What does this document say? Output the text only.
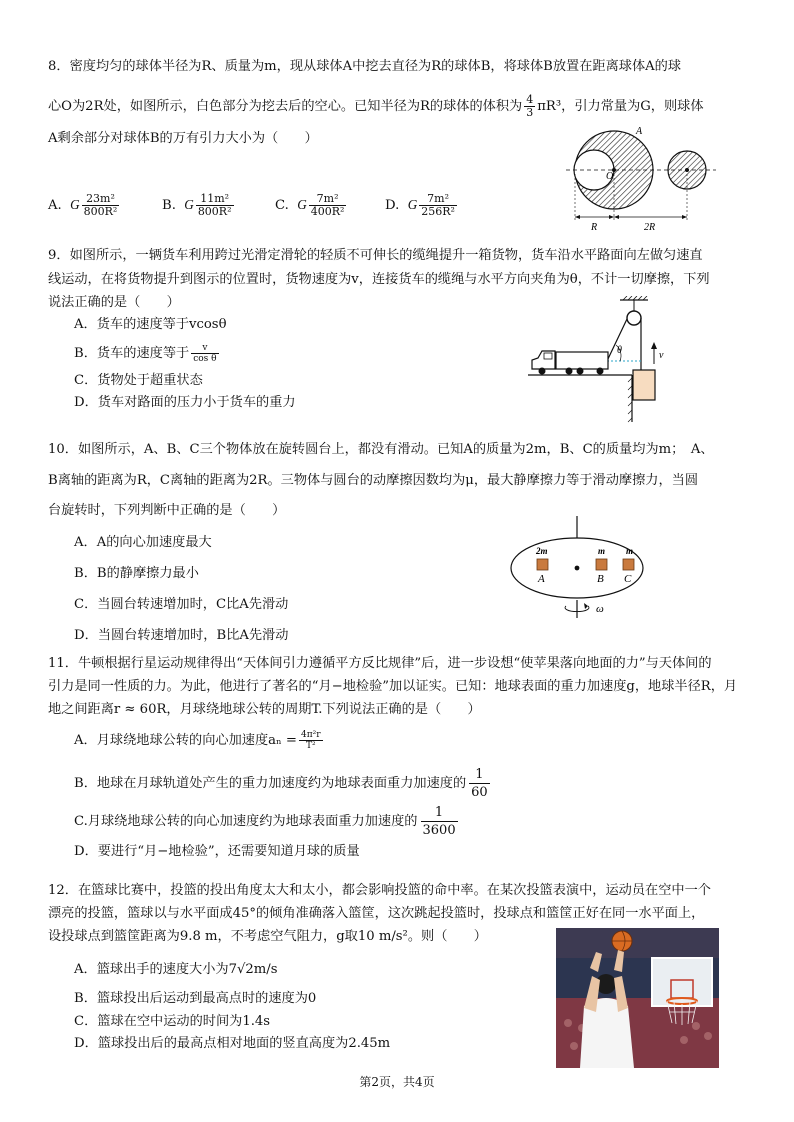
8．密度均匀的球体半径为R、质量为m，现从球体A中挖去直径为R的球体B，将球体B放置在距离球体A的球
心O为2R处，如图所示，白色部分为挖去后的空心。已知半径为R的球体的体积为 $\frac{4}{3} \pi R^3$，引力常量为G，则球体
A剩余部分对球体B的万有引力大小为（　　）
A. G $\frac{\text{23m²}}{\text{800R²}}$	B. G $\frac{\text{11m²}}{\text{800R²}}$	C. G $\frac{\text{7m²}}{\text{400R²}}$	D. G $\frac{\text{7m²}}{\text{256R²}}$
A
O
R	2R
9．如图所示，一辆货车利用跨过光滑定滑轮的轻质不可伸长的缆绳提升一箱货物，货车沿水平路面向左做匀速直
线运动，在将货物提升到图示的位置时，货物速度为v，连接货车的缆绳与水平方向夹角为θ，不计一切摩擦，下列
说法正确的是（　　）
A．货车的速度等于vcosθ
B．货车的速度等于 $\frac{v}{\text{cos θ}}$
C．货物处于超重状态
D．货车对路面的压力小于货车的重力
θ	v
10．如图所示，A、B、C三个物体放在旋转圆台上，都没有滑动。已知A的质量为2m，B、C的质量均为m；　A、
B离轴的距离为R，C离轴的距离为2R。三物体与圆台的动摩擦因数均为μ，最大静摩擦力等于滑动摩擦力，当圆
台旋转时，下列判断中正确的是（　　）
A．A的向心加速度最大
B．B的静摩擦力最小
C．当圆台转速增加时，C比A先滑动
D．当圆台转速增加时，B比A先滑动
2m	m m
A	B C
ω
11．牛顿根据行星运动规律得出“天体间引力遵循平方反比规律”后，进一步设想“使苹果落向地面的力”与天体间的
引力是同一性质的力。为此，他进行了著名的“月−地检验”加以证实。已知：地球表面的重力加速度g，地球半径R，月
地之间距离r ≈ 60R，月球绕地球公转的周期T.下列说法正确的是（　　）
A．月球绕地球公转的向心加速度$a_n = \frac{\text{4π²r}}{\text{T²}}$
B．地球在月球轨道处产生的重力加速度约为地球表面重力加速度的 $\frac{1}{60}$
C.月球绕地球公转的向心加速度约为地球表面重力加速度的 $\frac{1}{3600}$
D．要进行“月−地检验”，还需要知道月球的质量
12．在篮球比赛中，投篮的投出角度太大和太小，都会影响投篮的命中率。在某次投篮表演中，运动员在空中一个
漂亮的投篮，篮球以与水平面成45°的倾角准确落入篮筐，这次跳起投篮时，投球点和篮筐正好在同一水平面上，
设投球点到篮筐距离为9.8 m，不考虑空气阻力，g取10 m/s²。则（　　）
A．篮球出手的速度大小为7√2m/s
B．篮球投出后运动到最高点时的速度为0
C．篮球在空中运动的时间为1.4s
D．篮球投出后的最高点相对地面的竖直高度为2.45m
第2页，共4页
